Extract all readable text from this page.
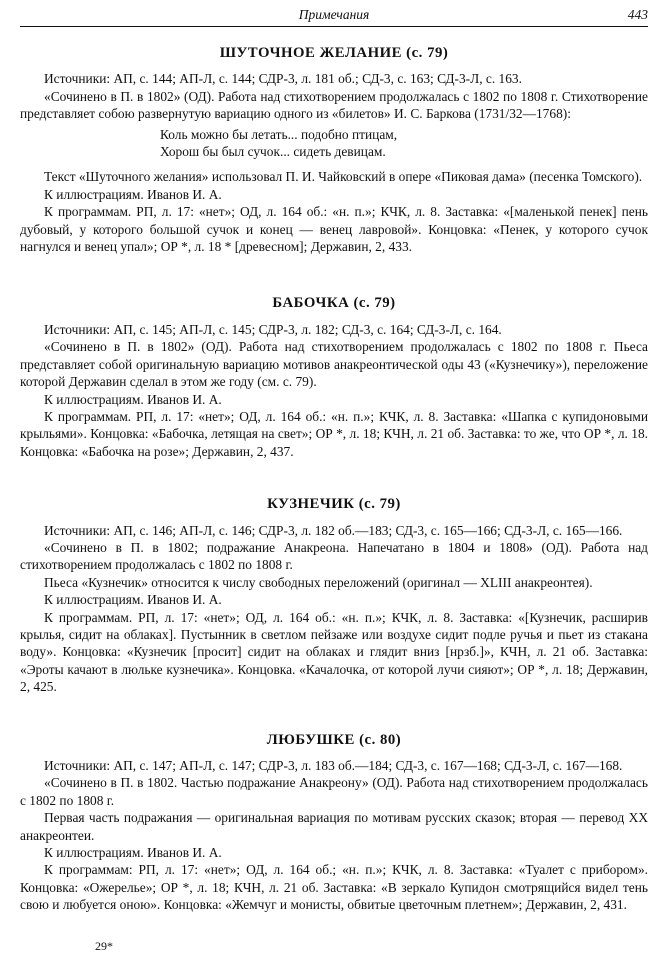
Примечания	443
ШУТОЧНОЕ ЖЕЛАНИЕ (с. 79)

Источники: АП, с. 144; АП-Л, с. 144; СДР-3, л. 181 об.; СД-3, с. 163; СД-3-Л, с. 163.

«Сочинено в П. в 1802» (ОД). Работа над стихотворением продолжалась с 1802 по 1808 г. Стихотворение представляет собою развернутую вариацию одного из «билетов» И. С. Баркова (1731/32—1768):

Коль можно бы летать... подобно птицам,
Хорош бы был сучок... сидеть девицам.

Текст «Шуточного желания» использовал П. И. Чайковский в опере «Пиковая дама» (песенка Томского).

К иллюстрациям. Иванов И. А.

К программам. РП, л. 17: «нет»; ОД, л. 164 об.: «н. п.»; КЧК, л. 8. Заставка: «[маленькой пенек] пень дубовый, у которого большой сучок и конец — венец лавровой». Концовка: «Пенек, у которого сучок нагнулся и венец упал»; ОР *, л. 18 * [древесном]; Державин, 2, 433.

БАБОЧКА (с. 79)

Источники: АП, с. 145; АП-Л, с. 145; СДР-3, л. 182; СД-3, с. 164; СД-3-Л, с. 164.

«Сочинено в П. в 1802» (ОД). Работа над стихотворением продолжалась с 1802 по 1808 г. Пьеса представляет собой оригинальную вариацию мотивов анакреонтической оды 43 («Кузнечику»), переложение которой Державин сделал в этом же году (см. с. 79).

К иллюстрациям. Иванов И. А.

К программам. РП, л. 17: «нет»; ОД, л. 164 об.: «н. п.»; КЧК, л. 8. Заставка: «Шапка с купидоновыми крыльями». Концовка: «Бабочка, летящая на свет»; ОР *, л. 18; КЧН, л. 21 об. Заставка: то же, что ОР *, л. 18. Концовка: «Бабочка на розе»; Державин, 2, 437.

КУЗНЕЧИК (с. 79)

Источники: АП, с. 146; АП-Л, с. 146; СДР-3, л. 182 об.—183; СД-3, с. 165—166; СД-3-Л, с. 165—166.

«Сочинено в П. в 1802; подражание Анакреона. Напечатано в 1804 и 1808» (ОД). Работа над стихотворением продолжалась с 1802 по 1808 г.

Пьеса «Кузнечик» относится к числу свободных переложений (оригинал — XLIII анакреонтея).

К иллюстрациям. Иванов И. А.

К программам. РП, л. 17: «нет»; ОД, л. 164 об.: «н. п.»; КЧК, л. 8. Заставка: «[Кузнечик, расширив крылья, сидит на облаках]. Пустынник в светлом пейзаже или воздухе сидит подле ручья и пьет из стакана воду». Концовка: «Кузнечик [просит] сидит на облаках и глядит вниз [нрзб.]», КЧН, л. 21 об. Заставка: «Эроты качают в люльке кузнечика». Концовка. «Качалочка, от которой лучи сияют»; ОР *, л. 18; Державин, 2, 425.

ЛЮБУШКЕ (с. 80)

Источники: АП, с. 147; АП-Л, с. 147; СДР-3, л. 183 об.—184; СД-3, с. 167—168; СД-3-Л, с. 167—168.

«Сочинено в П. в 1802. Частью подражание Анакреону» (ОД). Работа над стихотворением продолжалась с 1802 по 1808 г.

Первая часть подражания — оригинальная вариация по мотивам русских сказок; вторая — перевод XX анакреонтеи.

К иллюстрациям. Иванов И. А.

К программам: РП, л. 17: «нет»; ОД, л. 164 об.; «н. п.»; КЧК, л. 8. Заставка: «Туалет с прибором». Концовка: «Ожерелье»; ОР *, л. 18; КЧН, л. 21 об. Заставка: «В зеркало Купидон смотрящийся видел тень свою и любуется оною». Концовка: «Жемчуг и монисты, обвитые цветочным плетнем»; Державин, 2, 431.

29*
